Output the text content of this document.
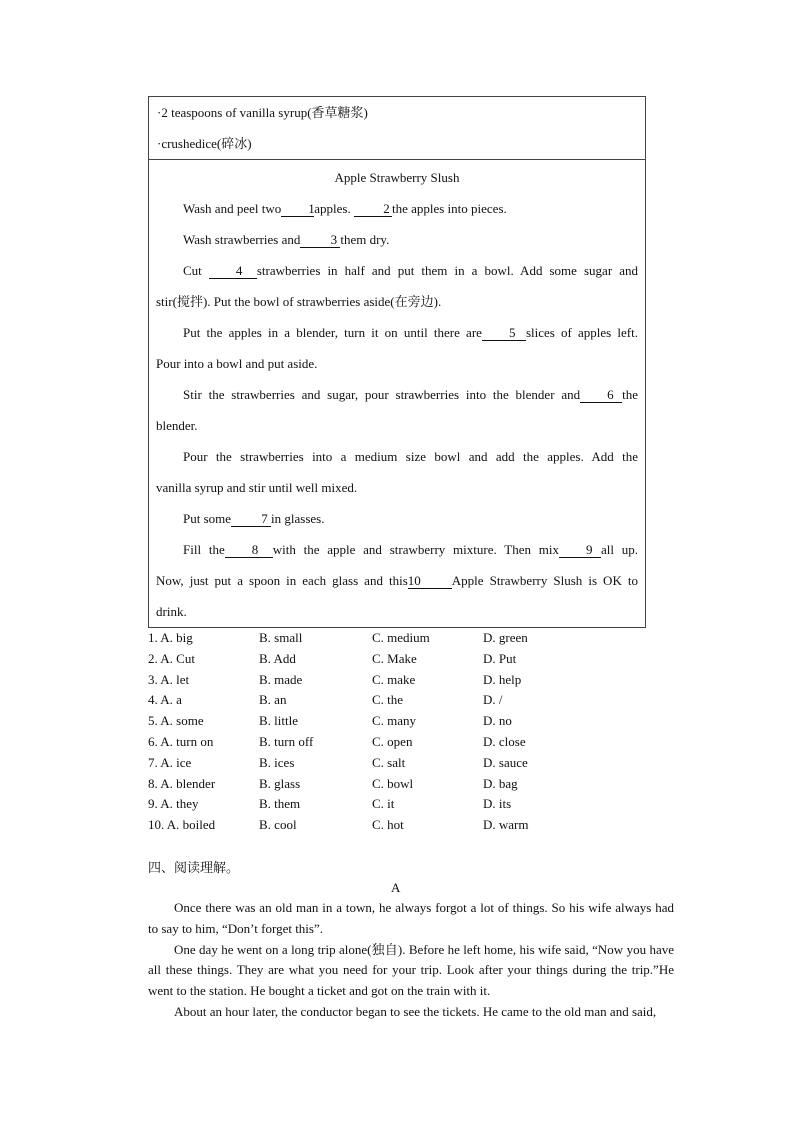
·2 teaspoons of vanilla syrup(香草糖浆)
·crushedice(碎冰)
Apple Strawberry Slush

Wash and peel two 1apples. 2 the apples into pieces.

Wash strawberries and 3 them dry.

Cut 4 strawberries in half and put them in a bowl. Add some sugar and

stir(搅拌). Put the bowl of strawberries aside(在旁边).

Put the apples in a blender, turn it on until there are 5 slices of apples left.

Pour into a bowl and put aside.

Stir the strawberries and sugar, pour strawberries into the blender and 6 the

blender.

Pour the strawberries into a medium size bowl and add the apples. Add the

vanilla syrup and stir until well mixed.

Put some 7 in glasses.

Fill the 8 with the apple and strawberry mixture. Then mix 9 all up.

Now, just put a spoon in each glass and this10 Apple Strawberry Slush is OK to

drink.

1. A. big	B. small	C. medium	D. green
2. A. Cut	B. Add	C. Make	D. Put
3. A. let	B. made	C. make	D. help
4. A. a	B. an	C. the	D. /
5. A. some	B. little	C. many	D. no
6. A. turn on	B. turn off	C. open	D. close
7. A. ice	B. ices	C. salt	D. sauce
8. A. blender	B. glass	C. bowl	D. bag
9. A. they	B. them	C. it	D. its
10. A. boiled	B. cool	C. hot	D. warm
四、阅读理解。
A

Once there was an old man in a town, he always forgot a lot of things. So his wife always had to say to him, “Don’t forget this”.

One day he went on a long trip alone(独自). Before he left home, his wife said, “Now you have all these things. They are what you need for your trip. Look after your things during the trip.”He went to the station. He bought a ticket and got on the train with it.

About an hour later, the conductor began to see the tickets. He came to the old man and said,
